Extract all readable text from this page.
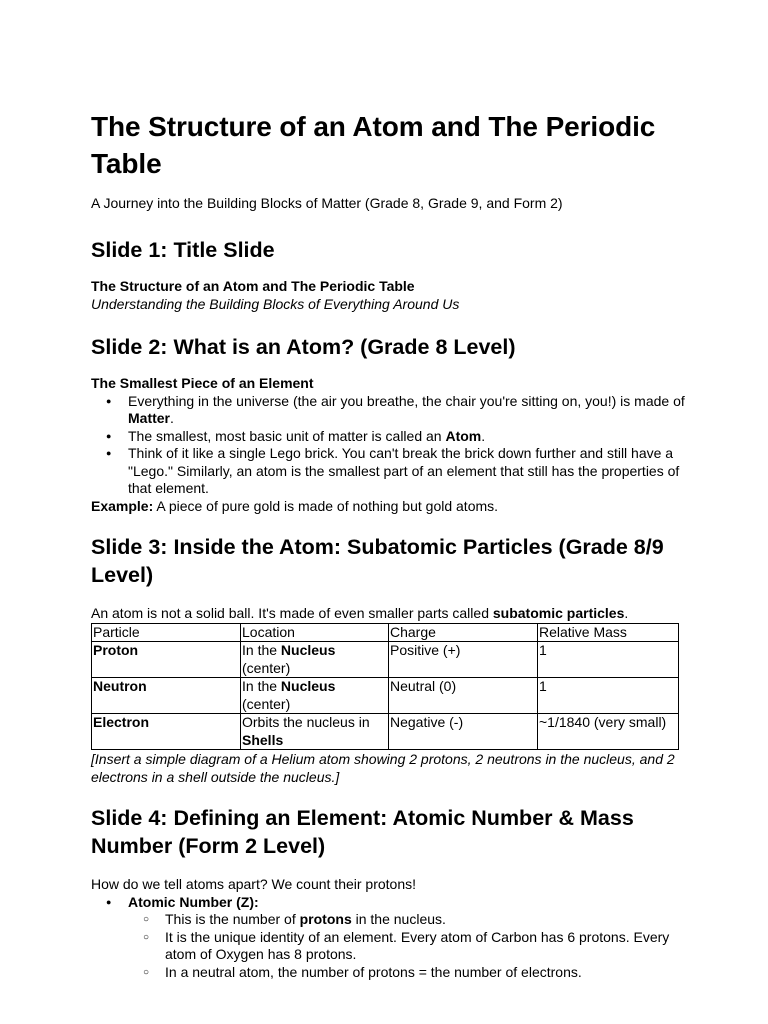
The Structure of an Atom and The Periodic Table

A Journey into the Building Blocks of Matter (Grade 8, Grade 9, and Form 2)

Slide 1: Title Slide

The Structure of an Atom and The Periodic Table

Understanding the Building Blocks of Everything Around Us

Slide 2: What is an Atom? (Grade 8 Level)

The Smallest Piece of an Element

● Everything in the universe (the air you breathe, the chair you're sitting on, you!) is made of Matter.
● The smallest, most basic unit of matter is called an Atom.
● Think of it like a single Lego brick. You can't break the brick down further and still have a "Lego." Similarly, an atom is the smallest part of an element that still has the properties of that element.

Example: A piece of pure gold is made of nothing but gold atoms.

Slide 3: Inside the Atom: Subatomic Particles (Grade 8/9 Level)

An atom is not a solid ball. It's made of even smaller parts called subatomic particles.

Particle	Location	Charge	Relative Mass
Proton	In the Nucleus (center)	Positive (+)	1
Neutron	In the Nucleus (center)	Neutral (0)	1
Electron	Orbits the nucleus in Shells	Negative (-)	~1/1840 (very small)

[Insert a simple diagram of a Helium atom showing 2 protons, 2 neutrons in the nucleus, and 2 electrons in a shell outside the nucleus.]

Slide 4: Defining an Element: Atomic Number & Mass Number (Form 2 Level)

How do we tell atoms apart? We count their protons!

● Atomic Number (Z):
○ This is the number of protons in the nucleus.
○ It is the unique identity of an element. Every atom of Carbon has 6 protons. Every atom of Oxygen has 8 protons.
○ In a neutral atom, the number of protons = the number of electrons.
